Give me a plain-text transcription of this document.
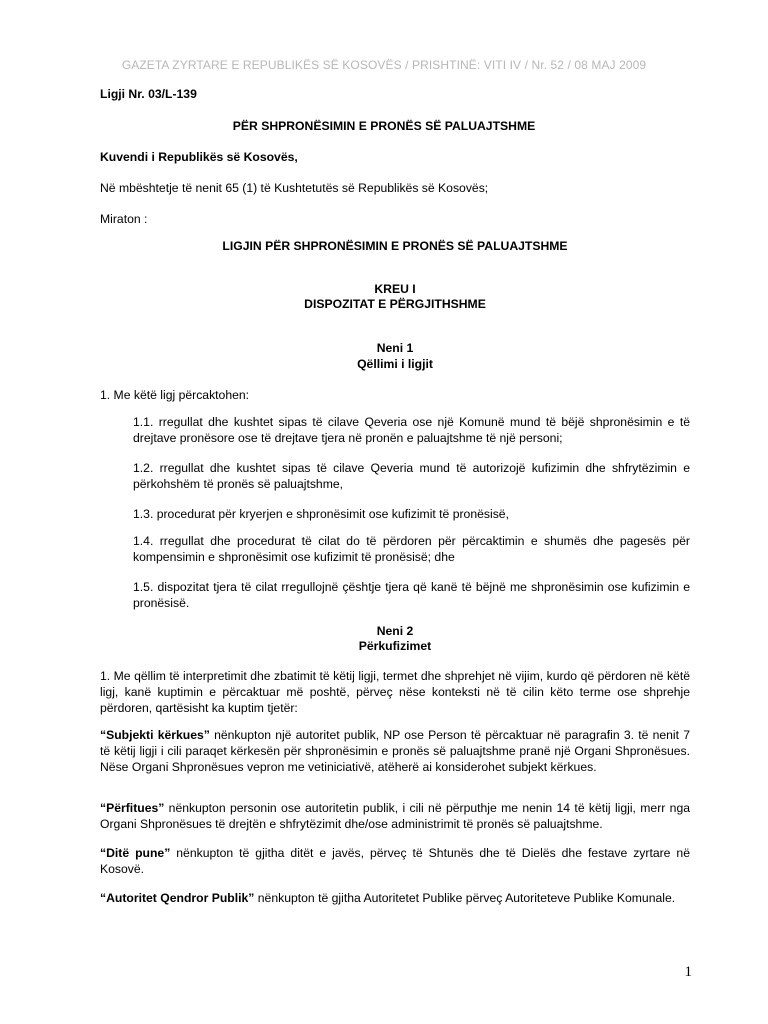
GAZETA ZYRTARE E REPUBLIKËS SË KOSOVËS / PRISHTINË: VITI IV / Nr. 52 / 08 MAJ 2009
Ligji Nr. 03/L-139
PËR SHPRONËSIMIN E PRONËS SË PALUAJTSHME
Kuvendi i Republikës së Kosovës,
Në mbështetje të nenit 65 (1) të Kushtetutës së Republikës së Kosovës;
Miraton :
LIGJIN PËR SHPRONËSIMIN E PRONËS SË PALUAJTSHME
KREU I
DISPOZITAT E PËRGJITHSHME
Neni 1
Qëllimi i ligjit
1. Me këtë ligj përcaktohen:
1.1. rregullat dhe kushtet sipas të cilave Qeveria ose një Komunë mund të bëjë shpronësimin e të drejtave pronësore ose të drejtave tjera në pronën e paluajtshme të një personi;
1.2. rregullat dhe kushtet sipas të cilave Qeveria mund të autorizojë kufizimin dhe shfrytëzimin e përkohshëm të pronës së paluajtshme,
1.3. procedurat për kryerjen e shpronësimit ose kufizimit të pronësisë,
1.4. rregullat dhe procedurat të cilat do të përdoren për përcaktimin e shumës dhe pagesës për kompensimin e shpronësimit ose kufizimit të pronësisë; dhe
1.5. dispozitat tjera të cilat rregullojnë çështje tjera që kanë të bëjnë me shpronësimin ose kufizimin e pronësisë.
Neni 2
Përkufizimet
1. Me qëllim të interpretimit dhe zbatimit të këtij ligji, termet dhe shprehjet në vijim, kurdo që përdoren në këtë ligj, kanë kuptimin e përcaktuar më poshtë, përveç nëse konteksti në të cilin këto terme ose shprehje përdoren, qartësisht ka kuptim tjetër:
“Subjekti kërkues” nënkupton një autoritet publik, NP ose Person të përcaktuar në paragrafin 3. të nenit 7 të këtij ligji i cili paraqet kërkesën për shpronësimin e pronës së paluajtshme pranë një Organi Shpronësues. Nëse Organi Shpronësues vepron me vetiniciativë, atëherë ai konsiderohet subjekt kërkues.
“Përfitues” nënkupton personin ose autoritetin publik, i cili në përputhje me nenin 14 të këtij ligji, merr nga Organi Shpronësues të drejtën e shfrytëzimit dhe/ose administrimit të pronës së paluajtshme.
“Ditë pune” nënkupton të gjitha ditët e javës, përveç të Shtunës dhe të Dielës dhe festave zyrtare në Kosovë.
“Autoritet Qendror Publik” nënkupton të gjitha Autoritetet Publike përveç Autoriteteve Publike Komunale.
1
